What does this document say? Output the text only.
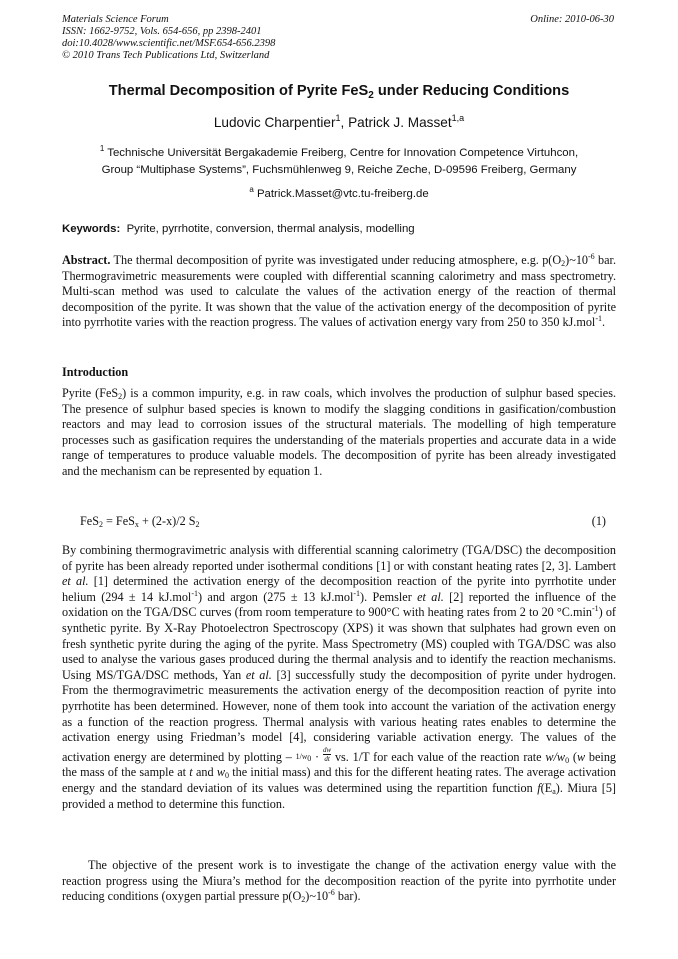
Materials Science Forum
ISSN: 1662-9752, Vols. 654-656, pp 2398-2401
doi:10.4028/www.scientific.net/MSF.654-656.2398
© 2010 Trans Tech Publications Ltd, Switzerland
Online: 2010-06-30
Thermal Decomposition of Pyrite FeS$_2$ under Reducing Conditions
Ludovic Charpentier$^1$, Patrick J. Masset$^{1,a}$
$^1$ Technische Universität Bergakademie Freiberg, Centre for Innovation Competence Virtuhcon,
Group “Multiphase Systems”, Fuchsmühlenweg 9, Reiche Zeche, D-09596 Freiberg, Germany
$^a$ Patrick.Masset@vtc.tu-freiberg.de
Keywords:  Pyrite, pyrrhotite, conversion, thermal analysis, modelling

Abstract. The thermal decomposition of pyrite was investigated under reducing atmosphere, e.g. $p(O_2)\sim 10^{-6}$ bar. Thermogravimetric measurements were coupled with differential scanning calorimetry and mass spectrometry. Multi-scan method was used to calculate the values of the activation energy of the reaction of thermal decomposition of the pyrite. It was shown that the value of the activation energy of the decomposition of pyrite into pyrrhotite varies with the reaction progress. The values of activation energy vary from 250 to 350 kJ.mol$^{-1}$.

Introduction

Pyrite (FeS$_2$) is a common impurity, e.g. in raw coals, which involves the production of sulphur based species. The presence of sulphur based species is known to modify the slagging conditions in gasification/combustion reactors and may lead to corrosion issues of the structural materials. The modelling of high temperature processes such as gasification requires the understanding of the materials properties and accurate data in a wide range of temperatures to produce valuable models. The decomposition of pyrite has been already investigated and the mechanism can be represented by equation 1.

FeS$_2$ = FeS$_x$ + (2-x)/2 $S_2$	(1)

By combining thermogravimetric analysis with differential scanning calorimetry (TGA/DSC) the decomposition of pyrite has been already reported under isothermal conditions [1] or with constant heating rates [2, 3]. Lambert et al. [1] determined the activation energy of the decomposition reaction of the pyrite into pyrrhotite under helium (294 ± 14 kJ.mol$^{-1}$) and argon (275 ± 13 kJ.mol$^{-1}$). Pemsler et al. [2] reported the influence of the oxidation on the TGA/DSC curves (from room temperature to 900°C with heating rates from 2 to 20 $^\circ C.\min^{-1}$) of synthetic pyrite. By X-Ray Photoelectron Spectroscopy (XPS) it was shown that sulphates had grown even on fresh synthetic pyrite during the aging of the pyrite. Mass Spectrometry (MS) coupled with TGA/DSC was also used to analyse the various gases produced during the thermal analysis and to identify the reaction mechanisms. Using MS/TGA/DSC methods, Yan et al. [3] successfully study the decomposition of pyrite under hydrogen. From the thermogravimetric measurements the activation energy of the decomposition reaction of pyrite into pyrrhotite has been determined. However, none of them took into account the variation of the activation energy as a function of the reaction progress. Thermal analysis with various heating rates enables to determine the activation energy using Friedman’s model [4], considering variable activation energy. The values of the activation energy are determined by plotting – $1/w_0 \cdot \frac{dw}{dt}$ vs. 1/T for each value of the reaction rate $w/w_0$ (w being the mass of the sample at t and $w_0$ the initial mass) and this for the different heating rates. The average activation energy and the standard deviation of its values was determined using the repartition function $f(E_a)$. Miura [5] provided a method to determine this function.

The objective of the present work is to investigate the change of the activation energy value with the reaction progress using the Miura’s method for the decomposition reaction of the pyrite into pyrrhotite under reducing conditions (oxygen partial pressure $p(O_2)\sim 10^{-6}$ bar).
